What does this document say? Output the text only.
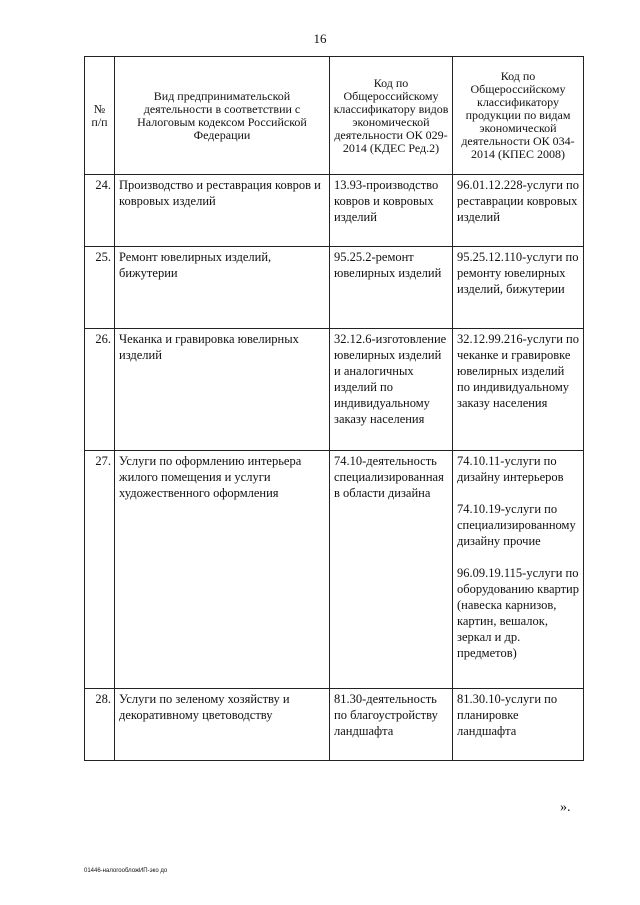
16
№ п/п	Вид предпринимательской деятельности в соответствии с Налоговым кодексом Российской Федерации	Код по Общероссийскому классификатору видов экономической деятельности ОК 029-2014 (КДЕС Ред.2)	Код по Общероссийскому классификатору продукции по видам экономической деятельности ОК 034-2014 (КПЕС 2008)
24.	Производство и реставрация ковров и ковровых изделий	13.93-производство ковров и ковровых изделий	96.01.12.228-услуги по реставрации ковровых изделий

25.	Ремонт ювелирных изделий, бижутерии	95.25.2-ремонт ювелирных изделий	95.25.12.110-услуги по ремонту ювелирных изделий, бижутерии

26.	Чеканка и гравировка ювелирных изделий	32.12.6-изготовление ювелирных изделий и аналогичных изделий по индивидуальному заказу населения	32.12.99.216-услуги по чеканке и гравировке ювелирных изделий по индивидуальному заказу населения

27.	Услуги по оформлению интерьера жилого помещения и услуги художественного оформления	74.10-деятельность специализированная в области дизайна	74.10.11-услуги по дизайну интерьеров
74.10.19-услуги по специализированному дизайну прочие
96.09.19.115-услуги по оборудованию квартир (навеска карнизов, картин, вешалок, зеркал и др. предметов)

28.	Услуги по зеленому хозяйству и декоративному цветоводству	81.30-деятельность по благоустройству ландшафта	81.30.10-услуги по планировке ландшафта
».
01446-налогообложИП-эко до
